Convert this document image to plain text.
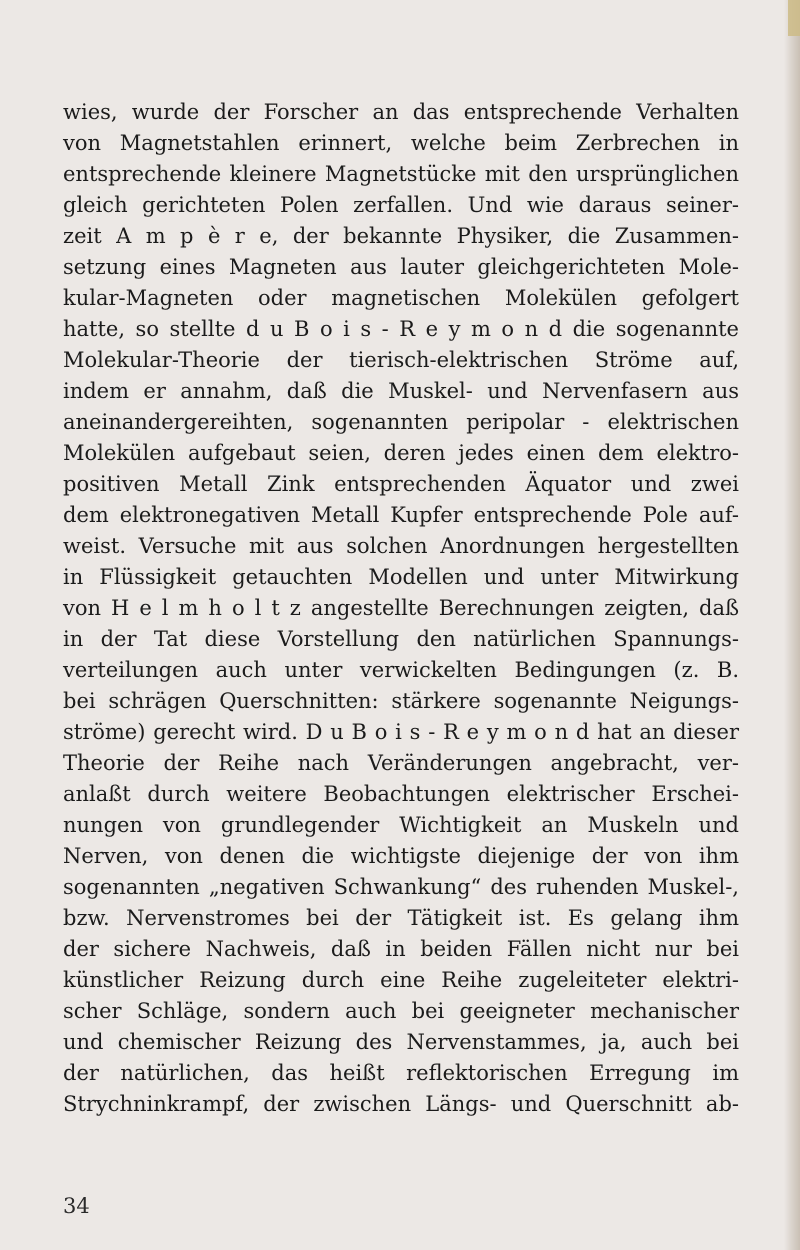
wies, wurde der Forscher an das entsprechende Verhalten
von Magnetstahlen erinnert, welche beim Zerbrechen in
entsprechende kleinere Magnetstücke mit den ursprünglichen
gleich gerichteten Polen zerfallen. Und wie daraus seiner-
zeit A m p è r e, der bekannte Physiker, die Zusammen-
setzung eines Magneten aus lauter gleichgerichteten Mole-
kular-Magneten oder magnetischen Molekülen gefolgert
hatte, so stellte d u B o i s - R e y m o n d die sogenannte
Molekular-Theorie der tierisch-elektrischen Ströme auf,
indem er annahm, daß die Muskel- und Nervenfasern aus
aneinandergereihten, sogenannten peripolar - elektrischen
Molekülen aufgebaut seien, deren jedes einen dem elektro-
positiven Metall Zink entsprechenden Äquator und zwei
dem elektronegativen Metall Kupfer entsprechende Pole auf-
weist. Versuche mit aus solchen Anordnungen hergestellten
in Flüssigkeit getauchten Modellen und unter Mitwirkung
von H e l m h o l t z angestellte Berechnungen zeigten, daß
in der Tat diese Vorstellung den natürlichen Spannungs-
verteilungen auch unter verwickelten Bedingungen (z. B.
bei schrägen Querschnitten: stärkere sogenannte Neigungs-
ströme) gerecht wird. D u B o i s - R e y m o n d hat an dieser
Theorie der Reihe nach Veränderungen angebracht, ver-
anlaßt durch weitere Beobachtungen elektrischer Erschei-
nungen von grundlegender Wichtigkeit an Muskeln und
Nerven, von denen die wichtigste diejenige der von ihm
sogenannten „negativen Schwankung“ des ruhenden Muskel-,
bzw. Nervenstromes bei der Tätigkeit ist. Es gelang ihm
der sichere Nachweis, daß in beiden Fällen nicht nur bei
künstlicher Reizung durch eine Reihe zugeleiteter elektri-
scher Schläge, sondern auch bei geeigneter mechanischer
und chemischer Reizung des Nervenstammes, ja, auch bei
der natürlichen, das heißt reflektorischen Erregung im
Strychninkrampf, der zwischen Längs- und Querschnitt ab-
34
